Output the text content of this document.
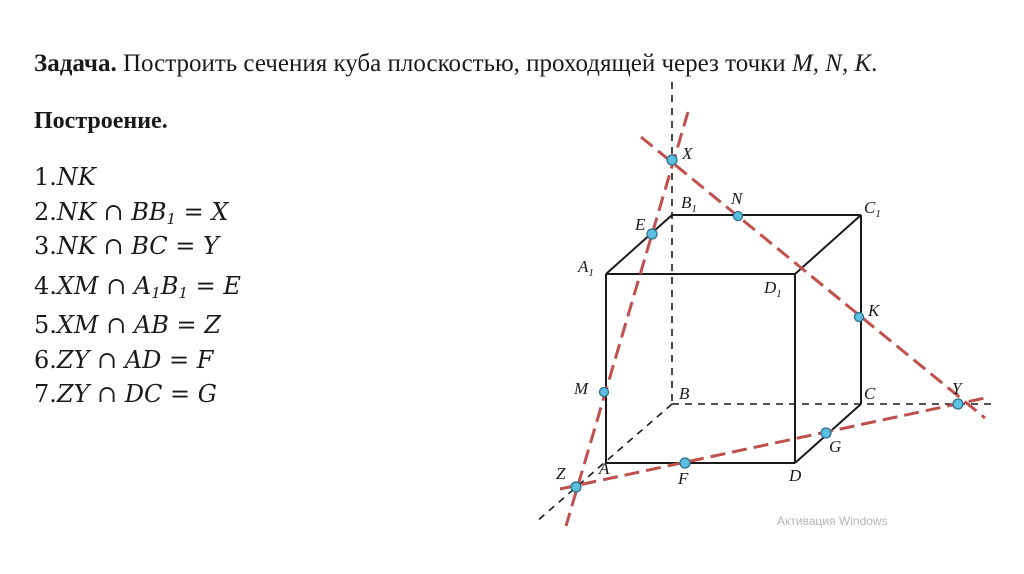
Задача. Построить сечения куба плоскостью, проходящей через точки M, N, K.
Построение.
1.NK
2.NK ∩ $BB_1 = X$
3.NK ∩ BC = Y
4.XM ∩ $A_1B_1 = E$
5.XM ∩ AB = Z
6.ZY ∩ AD = F
7.ZY ∩ DC = G
X
N
E
$B_1$	$C_1$
$A_1$
$D_1$
K
M	B	C	Y
G
Z A
F	D
Активация Windows
